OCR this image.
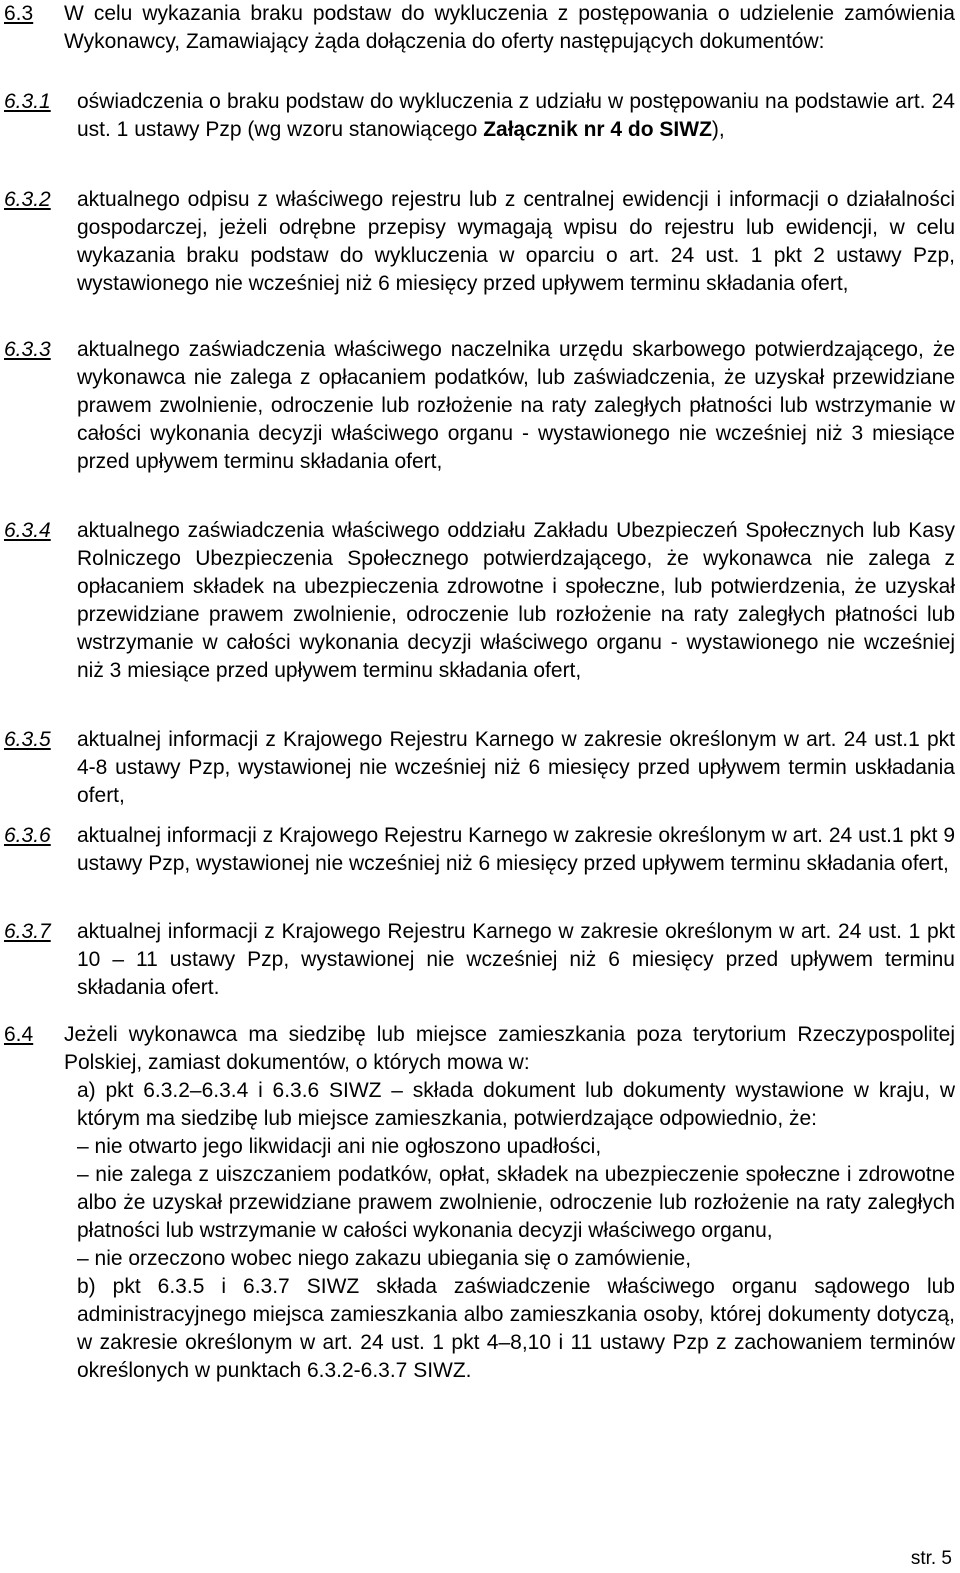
6.3 W celu wykazania braku podstaw do wykluczenia z postępowania o udzielenie zamówienia Wykonawcy, Zamawiający żąda dołączenia do oferty następujących dokumentów:
6.3.1 oświadczenia o braku podstaw do wykluczenia z udziału w postępowaniu na podstawie art. 24 ust. 1 ustawy Pzp (wg wzoru stanowiącego Załącznik nr 4 do SIWZ),
6.3.2 aktualnego odpisu z właściwego rejestru lub z centralnej ewidencji i informacji o działalności gospodarczej, jeżeli odrębne przepisy wymagają wpisu do rejestru lub ewidencji, w celu wykazania braku podstaw do wykluczenia w oparciu o art. 24 ust. 1 pkt 2 ustawy Pzp, wystawionego nie wcześniej niż 6 miesięcy przed upływem terminu składania ofert,
6.3.3 aktualnego zaświadczenia właściwego naczelnika urzędu skarbowego potwierdzającego, że wykonawca nie zalega z opłacaniem podatków, lub zaświadczenia, że uzyskał przewidziane prawem zwolnienie, odroczenie lub rozłożenie na raty zaległych płatności lub wstrzymanie w całości wykonania decyzji właściwego organu - wystawionego nie wcześniej niż 3 miesiące przed upływem terminu składania ofert,
6.3.4 aktualnego zaświadczenia właściwego oddziału Zakładu Ubezpieczeń Społecznych lub Kasy Rolniczego Ubezpieczenia Społecznego potwierdzającego, że wykonawca nie zalega z opłacaniem składek na ubezpieczenia zdrowotne i społeczne, lub potwierdzenia, że uzyskał przewidziane prawem zwolnienie, odroczenie lub rozłożenie na raty zaległych płatności lub wstrzymanie w całości wykonania decyzji właściwego organu - wystawionego nie wcześniej niż 3 miesiące przed upływem terminu składania ofert,
6.3.5 aktualnej informacji z Krajowego Rejestru Karnego w zakresie określonym w art. 24 ust.1 pkt 4-8 ustawy Pzp, wystawionej nie wcześniej niż 6 miesięcy przed upływem termin uskładania ofert,
6.3.6 aktualnej informacji z Krajowego Rejestru Karnego w zakresie określonym w art. 24 ust.1 pkt 9 ustawy Pzp, wystawionej nie wcześniej niż 6 miesięcy przed upływem terminu składania ofert,
6.3.7 aktualnej informacji z Krajowego Rejestru Karnego w zakresie określonym w art. 24 ust. 1 pkt 10 – 11 ustawy Pzp, wystawionej nie wcześniej niż 6 miesięcy przed upływem terminu składania ofert.
6.4 Jeżeli wykonawca ma siedzibę lub miejsce zamieszkania poza terytorium Rzeczypospolitej Polskiej, zamiast dokumentów, o których mowa w:

a) pkt 6.3.2–6.3.4 i 6.3.6 SIWZ – składa dokument lub dokumenty wystawione w kraju, w którym ma siedzibę lub miejsce zamieszkania, potwierdzające odpowiednio, że:

– nie otwarto jego likwidacji ani nie ogłoszono upadłości,

– nie zalega z uiszczaniem podatków, opłat, składek na ubezpieczenie społeczne i zdrowotne albo że uzyskał przewidziane prawem zwolnienie, odroczenie lub rozłożenie na raty zaległych płatności lub wstrzymanie w całości wykonania decyzji właściwego organu,

– nie orzeczono wobec niego zakazu ubiegania się o zamówienie,

b) pkt 6.3.5 i 6.3.7 SIWZ składa zaświadczenie właściwego organu sądowego lub administracyjnego miejsca zamieszkania albo zamieszkania osoby, której dokumenty dotyczą, w zakresie określonym w art. 24 ust. 1 pkt 4–8,10 i 11 ustawy Pzp z zachowaniem terminów określonych w punktach 6.3.2-6.3.7 SIWZ.

str. 5
